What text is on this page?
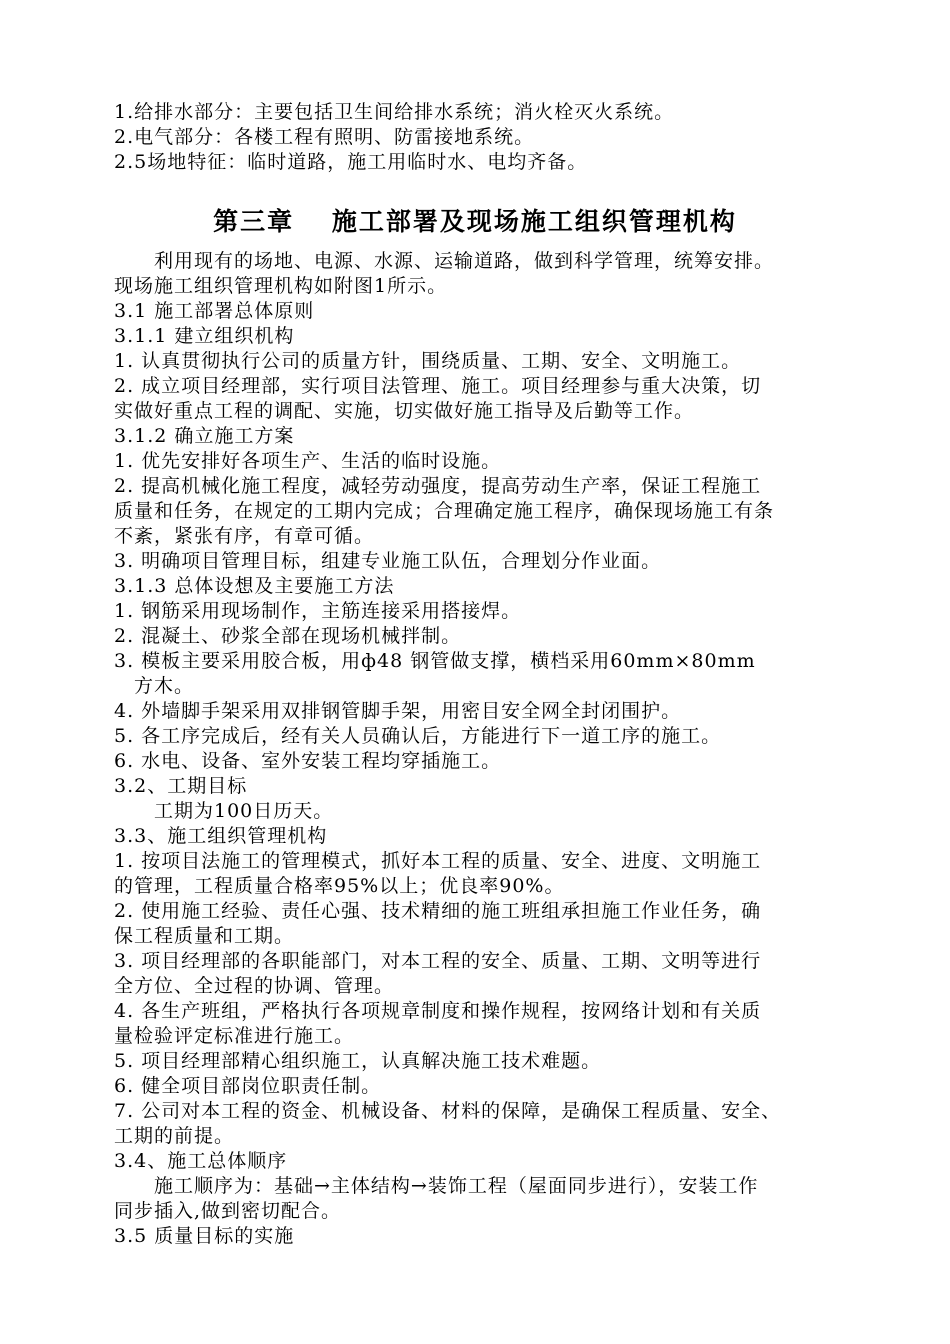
1.给排水部分：主要包括卫生间给排水系统；消火栓灭火系统。
2.电气部分：各楼工程有照明、防雷接地系统。
2.5场地特征：临时道路，施工用临时水、电均齐备。
第三章　 施工部署及现场施工组织管理机构
　　利用现有的场地、电源、水源、运输道路，做到科学管理，统筹安排。
现场施工组织管理机构如附图1所示。
3.1 施工部署总体原则
3.1.1 建立组织机构
1. 认真贯彻执行公司的质量方针，围绕质量、工期、安全、文明施工。
2. 成立项目经理部，实行项目法管理、施工。项目经理参与重大决策，切
实做好重点工程的调配、实施，切实做好施工指导及后勤等工作。
3.1.2 确立施工方案
1. 优先安排好各项生产、生活的临时设施。
2. 提高机械化施工程度，减轻劳动强度，提高劳动生产率，保证工程施工
质量和任务，在规定的工期内完成；合理确定施工程序，确保现场施工有条
不紊，紧张有序，有章可循。
3. 明确项目管理目标，组建专业施工队伍，合理划分作业面。
3.1.3 总体设想及主要施工方法
1. 钢筋采用现场制作，主筋连接采用搭接焊。
2. 混凝土、砂浆全部在现场机械拌制。
3. 模板主要采用胶合板，用ф48 钢管做支撑，横档采用60mm×80mm
　方木。
4. 外墙脚手架采用双排钢管脚手架，用密目安全网全封闭围护。
5. 各工序完成后，经有关人员确认后，方能进行下一道工序的施工。
6. 水电、设备、室外安装工程均穿插施工。
3.2、工期目标
　　工期为100日历天。
3.3、施工组织管理机构
1. 按项目法施工的管理模式，抓好本工程的质量、安全、进度、文明施工
的管理，工程质量合格率95%以上；优良率90%。
2. 使用施工经验、责任心强、技术精细的施工班组承担施工作业任务，确
保工程质量和工期。
3. 项目经理部的各职能部门，对本工程的安全、质量、工期、文明等进行
全方位、全过程的协调、管理。
4. 各生产班组，严格执行各项规章制度和操作规程，按网络计划和有关质
量检验评定标准进行施工。
5. 项目经理部精心组织施工，认真解决施工技术难题。
6. 健全项目部岗位职责任制。
7. 公司对本工程的资金、机械设备、材料的保障，是确保工程质量、安全、
工期的前提。
3.4、施工总体顺序
　　施工顺序为：基础→主体结构→装饰工程（屋面同步进行），安装工作
同步插入,做到密切配合。
3.5 质量目标的实施
